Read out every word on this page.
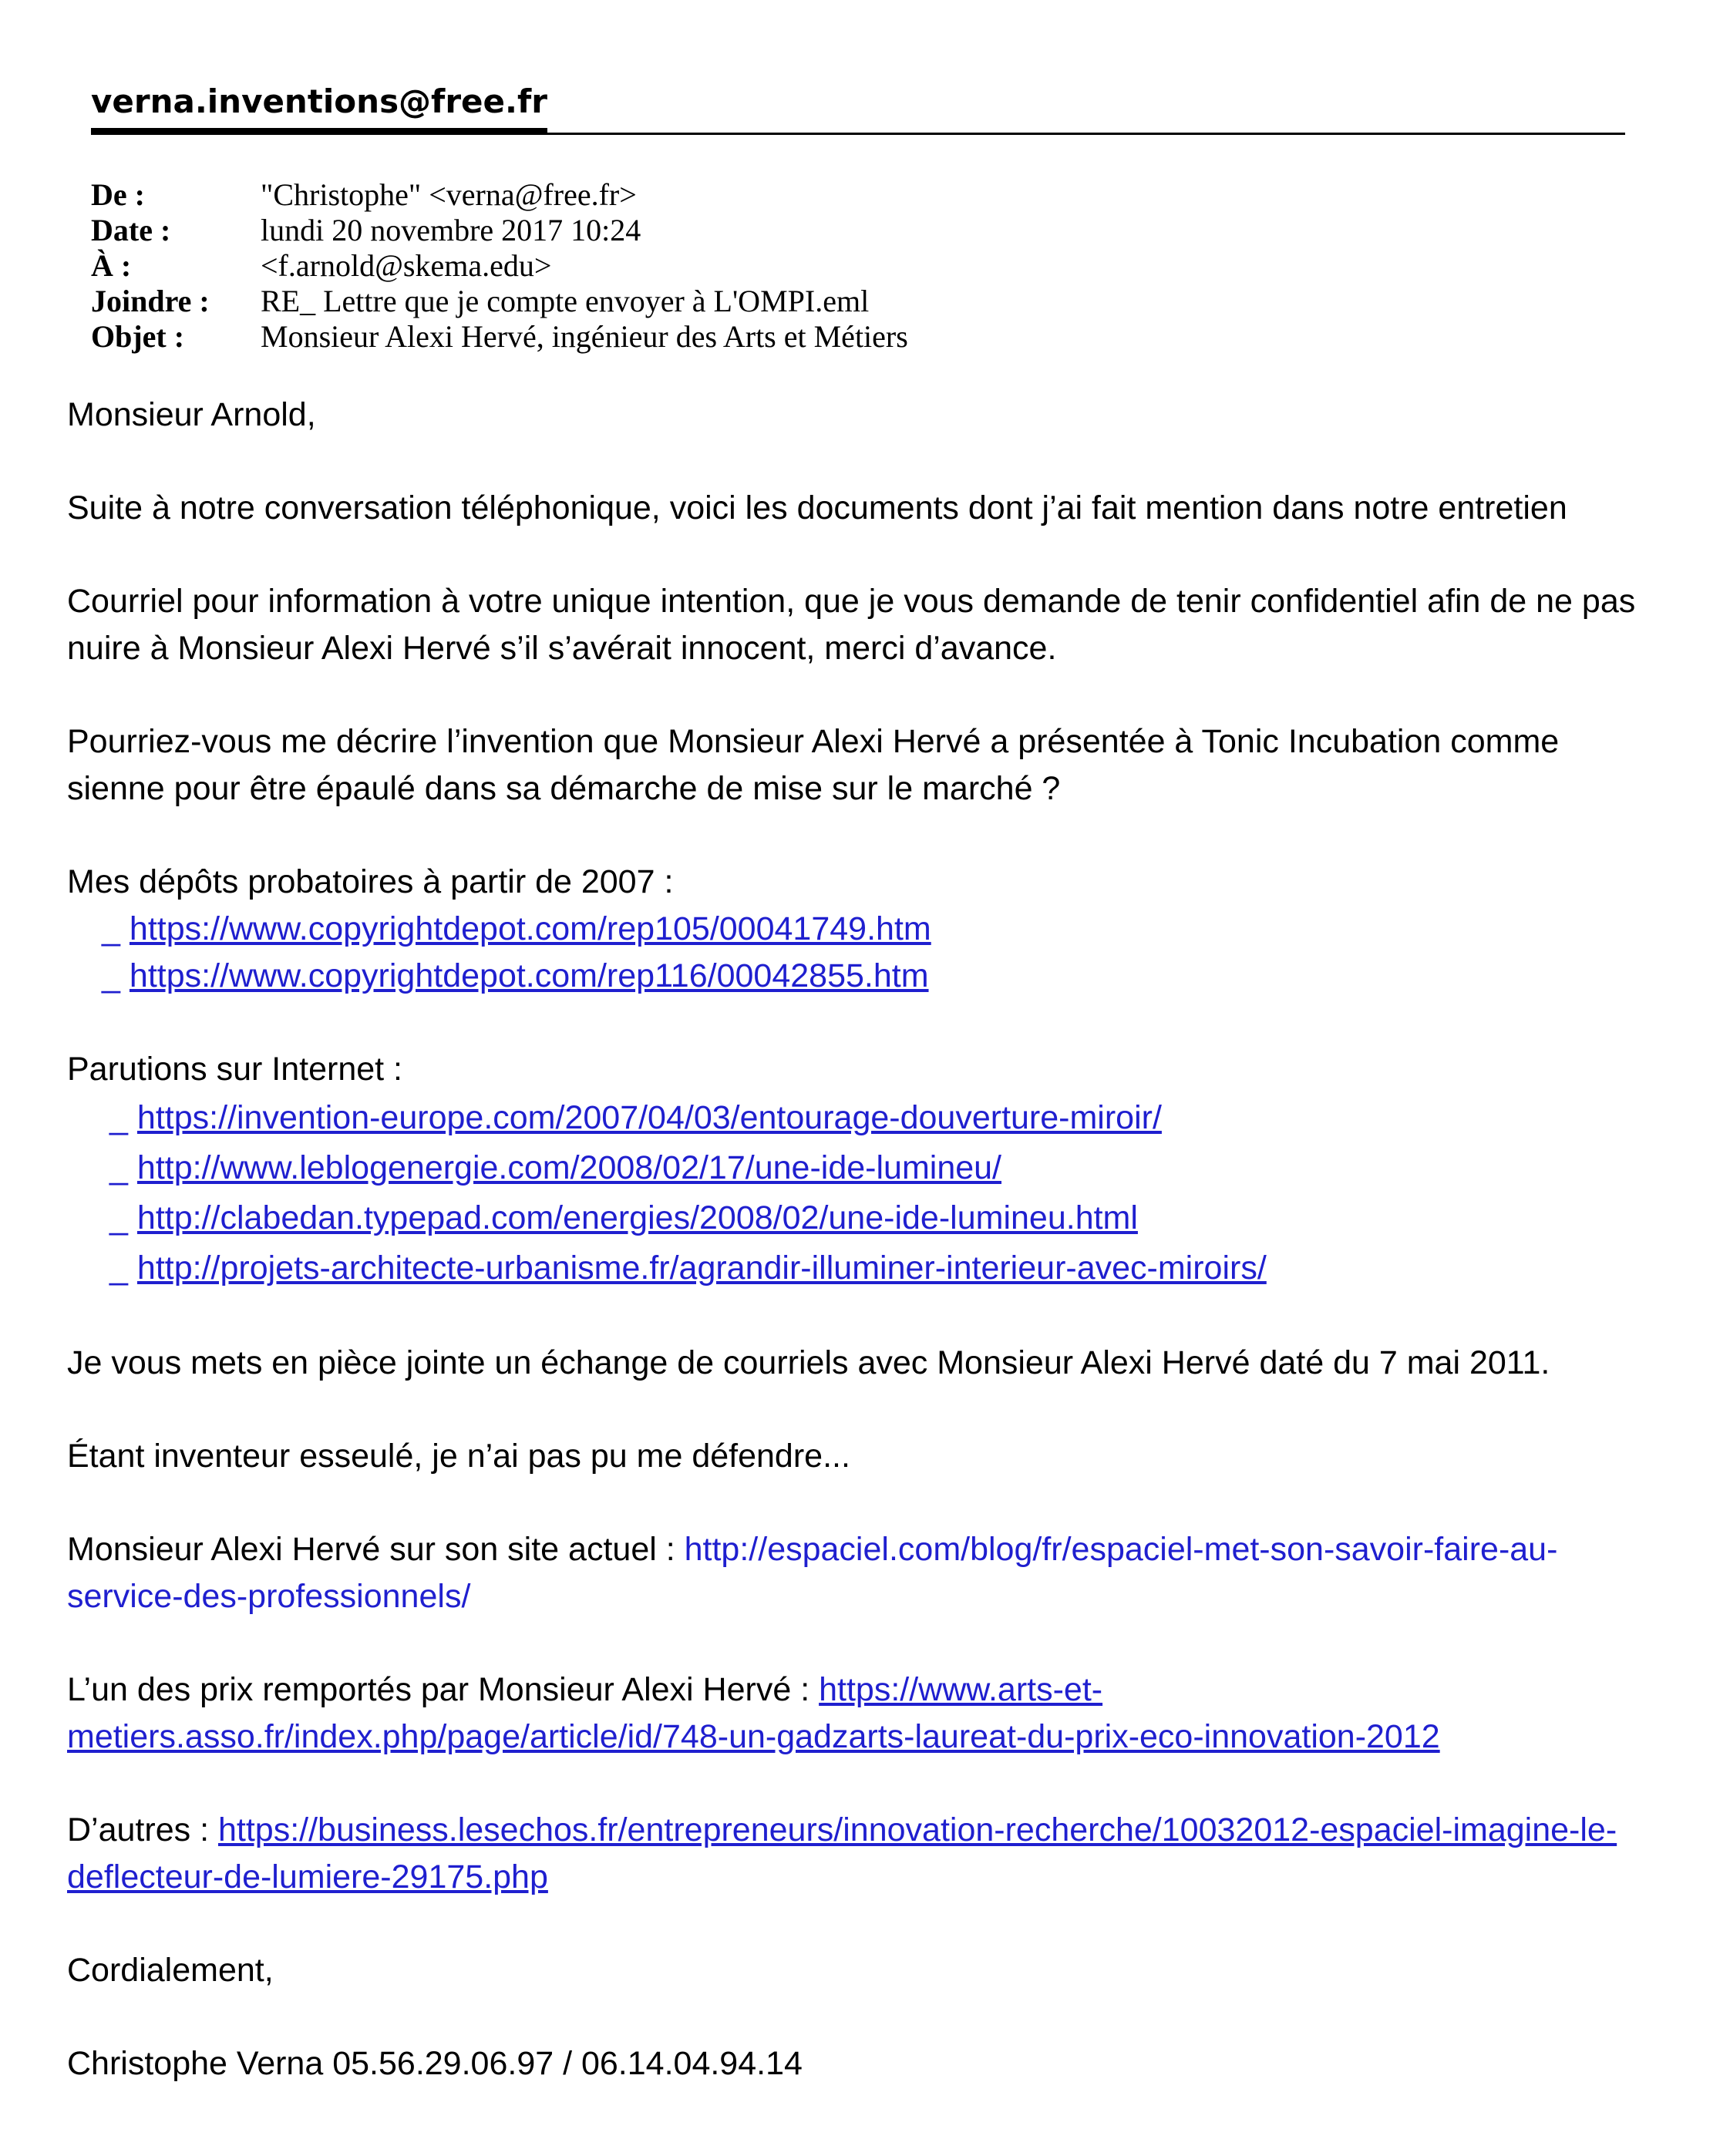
verna.inventions@free.fr
De :	"Christophe" <verna@free.fr>
Date :	lundi 20 novembre 2017 10:24
À :	<f.arnold@skema.edu>
Joindre :	RE_ Lettre que je compte envoyer à L'OMPI.eml
Objet :	Monsieur Alexi Hervé, ingénieur des Arts et Métiers

Monsieur Arnold,

Suite à notre conversation téléphonique, voici les documents dont j’ai fait mention dans notre entretien

Courriel pour information à votre unique intention, que je vous demande de tenir confidentiel afin de ne pas nuire à Monsieur Alexi Hervé s’il s’avérait innocent, merci d’avance.

Pourriez-vous me décrire l’invention que Monsieur Alexi Hervé a présentée à Tonic Incubation comme sienne pour être épaulé dans sa démarche de mise sur le marché ?

Mes dépôts probatoires à partir de 2007 :
_ https://www.copyrightdepot.com/rep105/00041749.htm
_ https://www.copyrightdepot.com/rep116/00042855.htm
Parutions sur Internet :
_ https://invention-europe.com/2007/04/03/entourage-douverture-miroir/
_ http://www.leblogenergie.com/2008/02/17/une-ide-lumineu/
_ http://clabedan.typepad.com/energies/2008/02/une-ide-lumineu.html
_ http://projets-architecte-urbanisme.fr/agrandir-illuminer-interieur-avec-miroirs/

Je vous mets en pièce jointe un échange de courriels avec Monsieur Alexi Hervé daté du 7 mai 2011.

Étant inventeur esseulé, je n’ai pas pu me défendre...

Monsieur Alexi Hervé sur son site actuel : http://espaciel.com/blog/fr/espaciel-met-son-savoir-faire-au-service-des-professionnels/

L’un des prix remportés par Monsieur Alexi Hervé : https://www.arts-et-metiers.asso.fr/index.php/page/article/id/748-un-gadzarts-laureat-du-prix-eco-innovation-2012

D’autres : https://business.lesechos.fr/entrepreneurs/innovation-recherche/10032012-espaciel-imagine-le-deflecteur-de-lumiere-29175.php

Cordialement,

Christophe Verna 05.56.29.06.97 / 06.14.04.94.14
